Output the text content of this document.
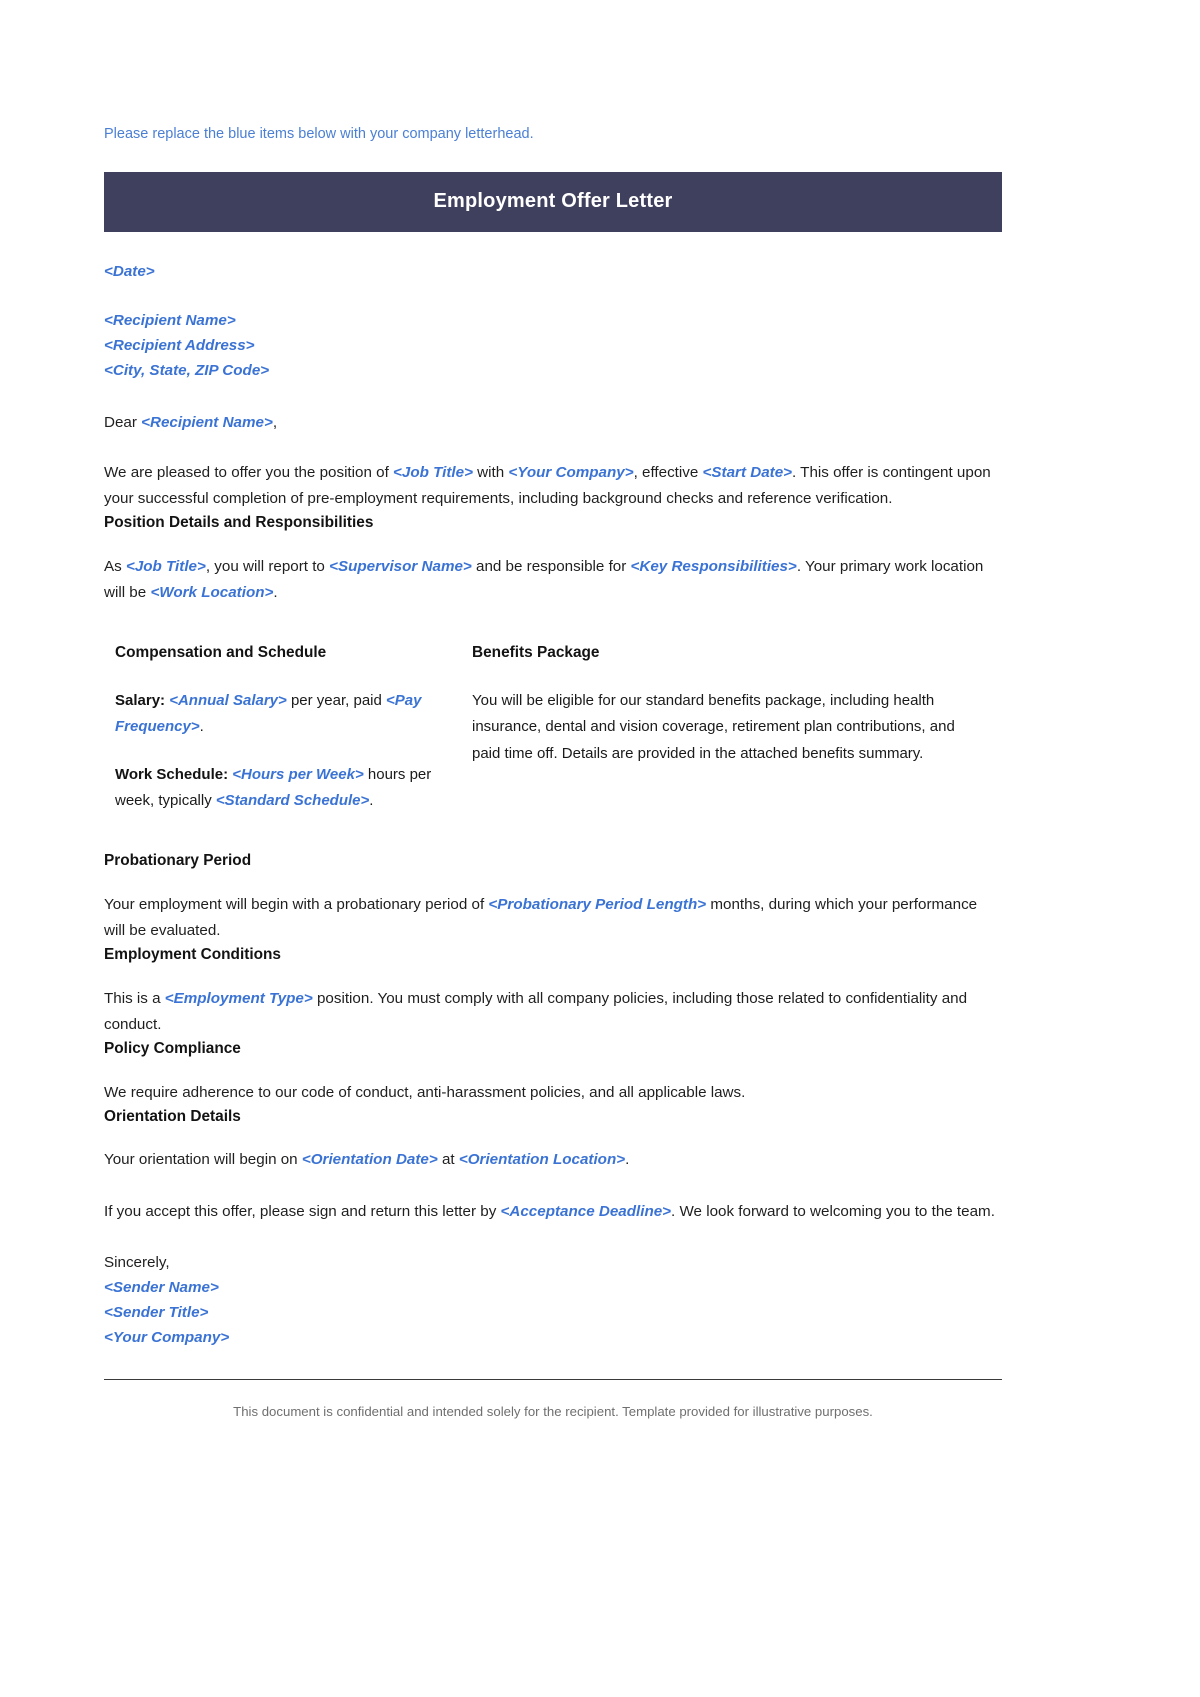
Please replace the blue items below with your company letterhead.

Employment Offer Letter
<Date>
<Recipient Name>
<Recipient Address>
<City, State, ZIP Code>

Dear <Recipient Name>,

We are pleased to offer you the position of <Job Title> with <Your Company>, effective <Start Date>. This offer is contingent upon your successful completion of pre-employment requirements, including background checks and reference verification.

Position Details and Responsibilities

As <Job Title>, you will report to <Supervisor Name> and be responsible for <Key Responsibilities>. Your primary work location will be <Work Location>.

Compensation and Schedule

Salary: <Annual Salary> per year, paid <Pay Frequency>.

Work Schedule: <Hours per Week> hours per week, typically <Standard Schedule>.

Benefits Package

You will be eligible for our standard benefits package, including health insurance, dental and vision coverage, retirement plan contributions, and paid time off. Details are provided in the attached benefits summary.

Probationary Period

Your employment will begin with a probationary period of <Probationary Period Length> months, during which your performance will be evaluated.

Employment Conditions

This is a <Employment Type> position. You must comply with all company policies, including those related to confidentiality and conduct.

Policy Compliance

We require adherence to our code of conduct, anti-harassment policies, and all applicable laws.

Orientation Details

Your orientation will begin on <Orientation Date> at <Orientation Location>.

If you accept this offer, please sign and return this letter by <Acceptance Deadline>. We look forward to welcoming you to the team.

Sincerely,
<Sender Name>
<Sender Title>
<Your Company>
This document is confidential and intended solely for the recipient. Template provided for illustrative purposes.
